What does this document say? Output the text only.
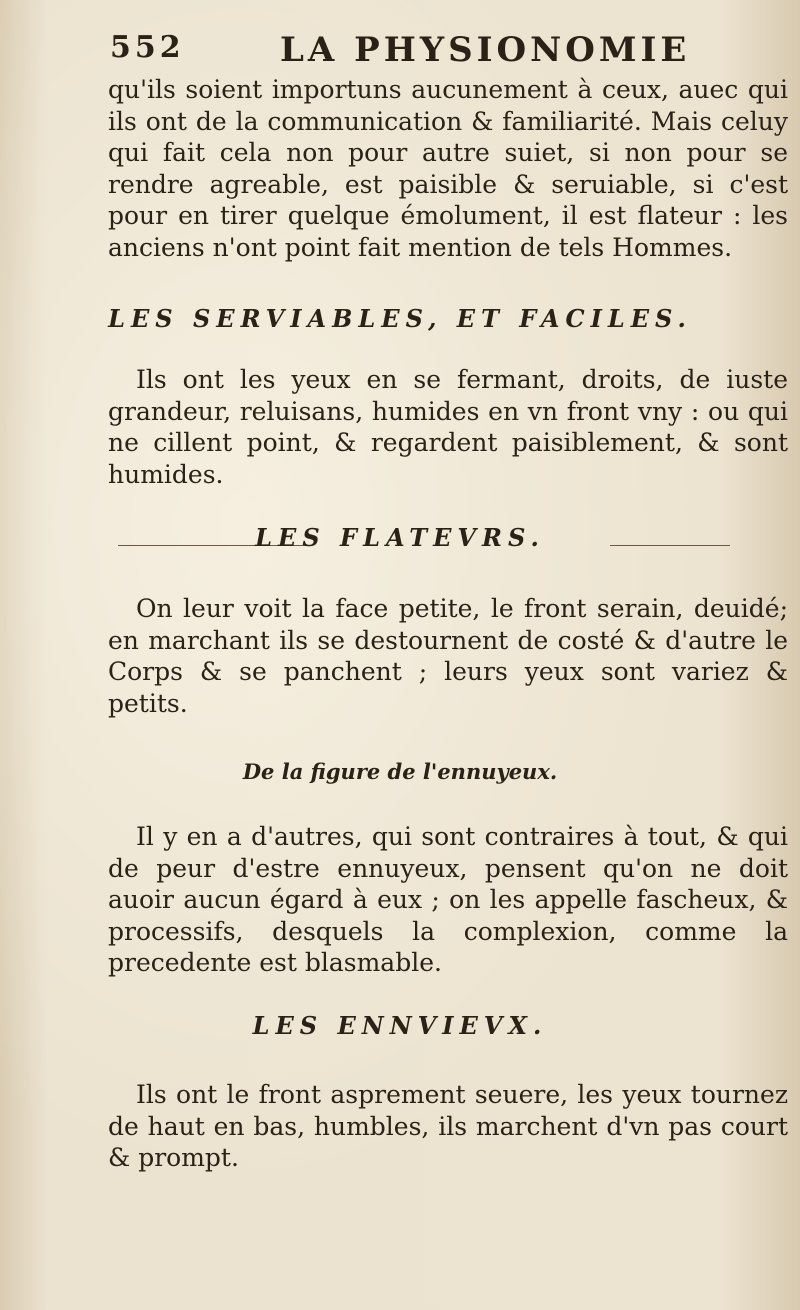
552	LA PHYSIONOMIE

qu'ils soient importuns aucunement à ceux, auec qui ils ont de la communication & familiarité. Mais celuy qui fait cela non pour autre suiet, si non pour se rendre agreable, est paisible & seruiable, si c'est pour en tirer quelque émolument, il est flateur : les anciens n'ont point fait mention de tels Hommes.

LES SERVIABLES, ET FACILES.

Ils ont les yeux en se fermant, droits, de iuste grandeur, reluisans, humides en vn front vny : ou qui ne cillent point, & regardent paisiblement, & sont humides.

LES FLATEVRS.

On leur voit la face petite, le front serain, deuidé; en marchant ils se destournent de costé & d'autre le Corps & se panchent ; leurs yeux sont variez & petits.

De la figure de l'ennuyeux.

Il y en a d'autres, qui sont contraires à tout, & qui de peur d'estre ennuyeux, pensent qu'on ne doit auoir aucun égard à eux ; on les appelle fascheux, & processifs, desquels la complexion, comme la precedente est blasmable.

LES ENNVIEVX.

Ils ont le front asprement seuere, les yeux tournez de haut en bas, humbles, ils marchent d'vn pas court & prompt.
